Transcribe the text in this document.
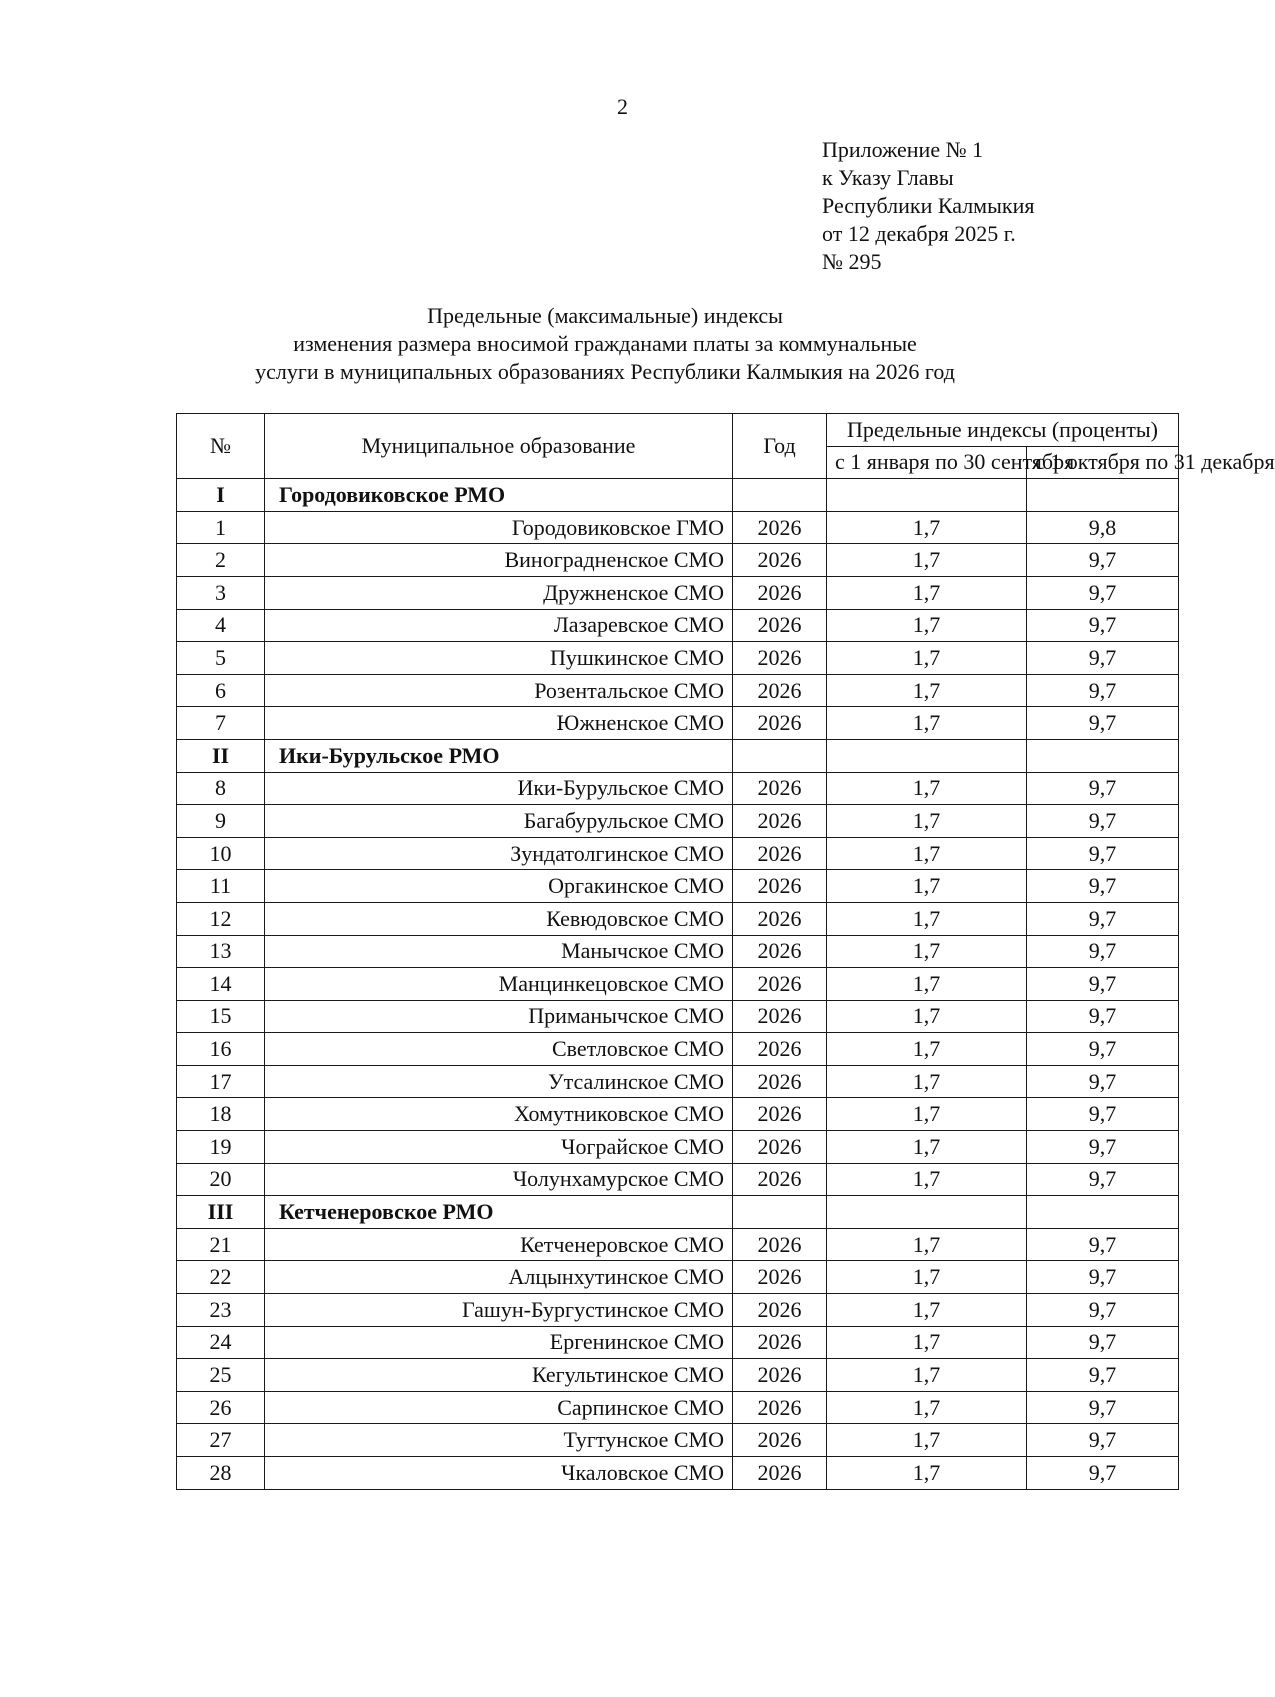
2
Приложение № 1
к Указу Главы
Республики Калмыкия
от 12 декабря 2025 г.
№ 295
Предельные (максимальные) индексы
изменения размера вносимой гражданами платы за коммунальные
услуги в муниципальных образованиях Республики Калмыкия на 2026 год
№	Муниципальное образование	Год	Предельные индексы (проценты)	
			с 1 января по 30 сентября	с 1 октября по 31 декабря
I	Городовиковское РМО			
1	Городовиковское ГМО	2026	1,7	9,8
2	Виноградненское СМО	2026	1,7	9,7
3	Дружненское СМО	2026	1,7	9,7
4	Лазаревское СМО	2026	1,7	9,7
5	Пушкинское СМО	2026	1,7	9,7
6	Розентальское СМО	2026	1,7	9,7
7	Южненское СМО	2026	1,7	9,7
II	Ики-Бурульское РМО			
8	Ики-Бурульское СМО	2026	1,7	9,7
9	Багабурульское СМО	2026	1,7	9,7
10	Зундатолгинское СМО	2026	1,7	9,7
11	Оргакинское СМО	2026	1,7	9,7
12	Кевюдовское СМО	2026	1,7	9,7
13	Манычское СМО	2026	1,7	9,7
14	Манцинкецовское СМО	2026	1,7	9,7
15	Приманычское СМО	2026	1,7	9,7
16	Светловское СМО	2026	1,7	9,7
17	Утсалинское СМО	2026	1,7	9,7
18	Хомутниковское СМО	2026	1,7	9,7
19	Чограйское СМО	2026	1,7	9,7
20	Чолунхамурское СМО	2026	1,7	9,7
III	Кетченеровское РМО			
21	Кетченеровское СМО	2026	1,7	9,7
22	Алцынхутинское СМО	2026	1,7	9,7
23	Гашун-Бургустинское СМО	2026	1,7	9,7
24	Ергенинское СМО	2026	1,7	9,7
25	Кегультинское СМО	2026	1,7	9,7
26	Сарпинское СМО	2026	1,7	9,7
27	Тугтунское СМО	2026	1,7	9,7
28	Чкаловское СМО	2026	1,7	9,7
